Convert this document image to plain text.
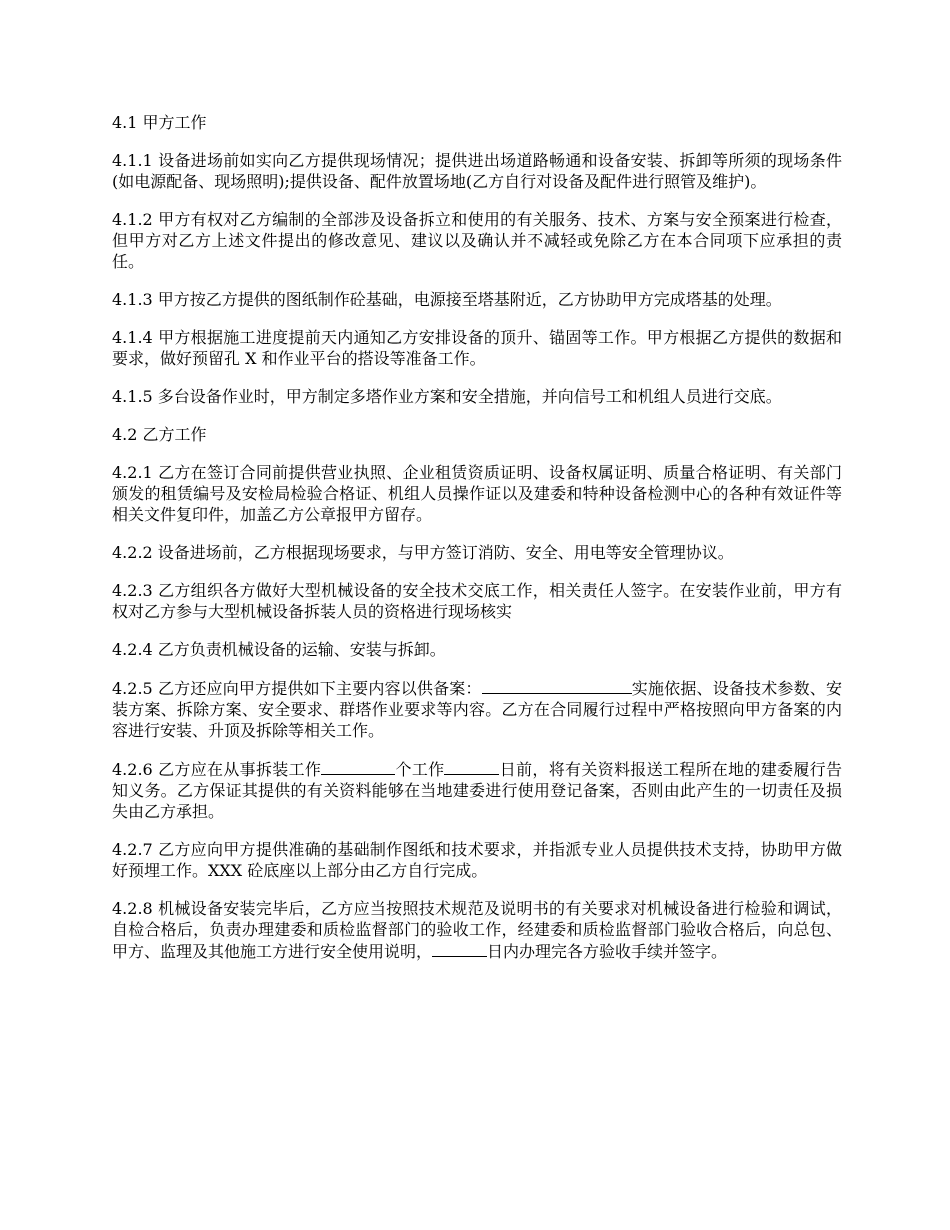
4.1 甲方工作

4.1.1 设备进场前如实向乙方提供现场情况；提供进出场道路畅通和设备安装、拆卸等所须的现场条件(如电源配备、现场照明);提供设备、配件放置场地(乙方自行对设备及配件进行照管及维护)。

4.1.2 甲方有权对乙方编制的全部涉及设备拆立和使用的有关服务、技术、方案与安全预案进行检查，但甲方对乙方上述文件提出的修改意见、建议以及确认并不减轻或免除乙方在本合同项下应承担的责任。

4.1.3 甲方按乙方提供的图纸制作砼基础，电源接至塔基附近，乙方协助甲方完成塔基的处理。

4.1.4 甲方根据施工进度提前天内通知乙方安排设备的顶升、锚固等工作。甲方根据乙方提供的数据和要求，做好预留孔 X 和作业平台的搭设等准备工作。

4.1.5 多台设备作业时，甲方制定多塔作业方案和安全措施，并向信号工和机组人员进行交底。

4.2 乙方工作

4.2.1 乙方在签订合同前提供营业执照、企业租赁资质证明、设备权属证明、质量合格证明、有关部门颁发的租赁编号及安检局检验合格证、机组人员操作证以及建委和特种设备检测中心的各种有效证件等相关文件复印件，加盖乙方公章报甲方留存。

4.2.2 设备进场前，乙方根据现场要求，与甲方签订消防、安全、用电等安全管理协议。

4.2.3 乙方组织各方做好大型机械设备的安全技术交底工作，相关责任人签字。在安装作业前，甲方有权对乙方参与大型机械设备拆装人员的资格进行现场核实

4.2.4 乙方负责机械设备的运输、安装与拆卸。

4.2.5 乙方还应向甲方提供如下主要内容以供备案：	实施依据、设备技术参数、安装方案、拆除方案、安全要求、群塔作业要求等内容。乙方在合同履行过程中严格按照向甲方备案的内容进行安装、升顶及拆除等相关工作。

4.2.6 乙方应在从事拆装工作	个工作	日前，将有关资料报送工程所在地的建委履行告知义务。乙方保证其提供的有关资料能够在当地建委进行使用登记备案，否则由此产生的一切责任及损失由乙方承担。

4.2.7 乙方应向甲方提供准确的基础制作图纸和技术要求，并指派专业人员提供技术支持，协助甲方做好预埋工作。XXX 砼底座以上部分由乙方自行完成。

4.2.8 机械设备安装完毕后，乙方应当按照技术规范及说明书的有关要求对机械设备进行检验和调试，自检合格后，负责办理建委和质检监督部门的验收工作，经建委和质检监督部门验收合格后，向总包、甲方、监理及其他施工方进行安全使用说明，	日内办理完各方验收手续并签字。
